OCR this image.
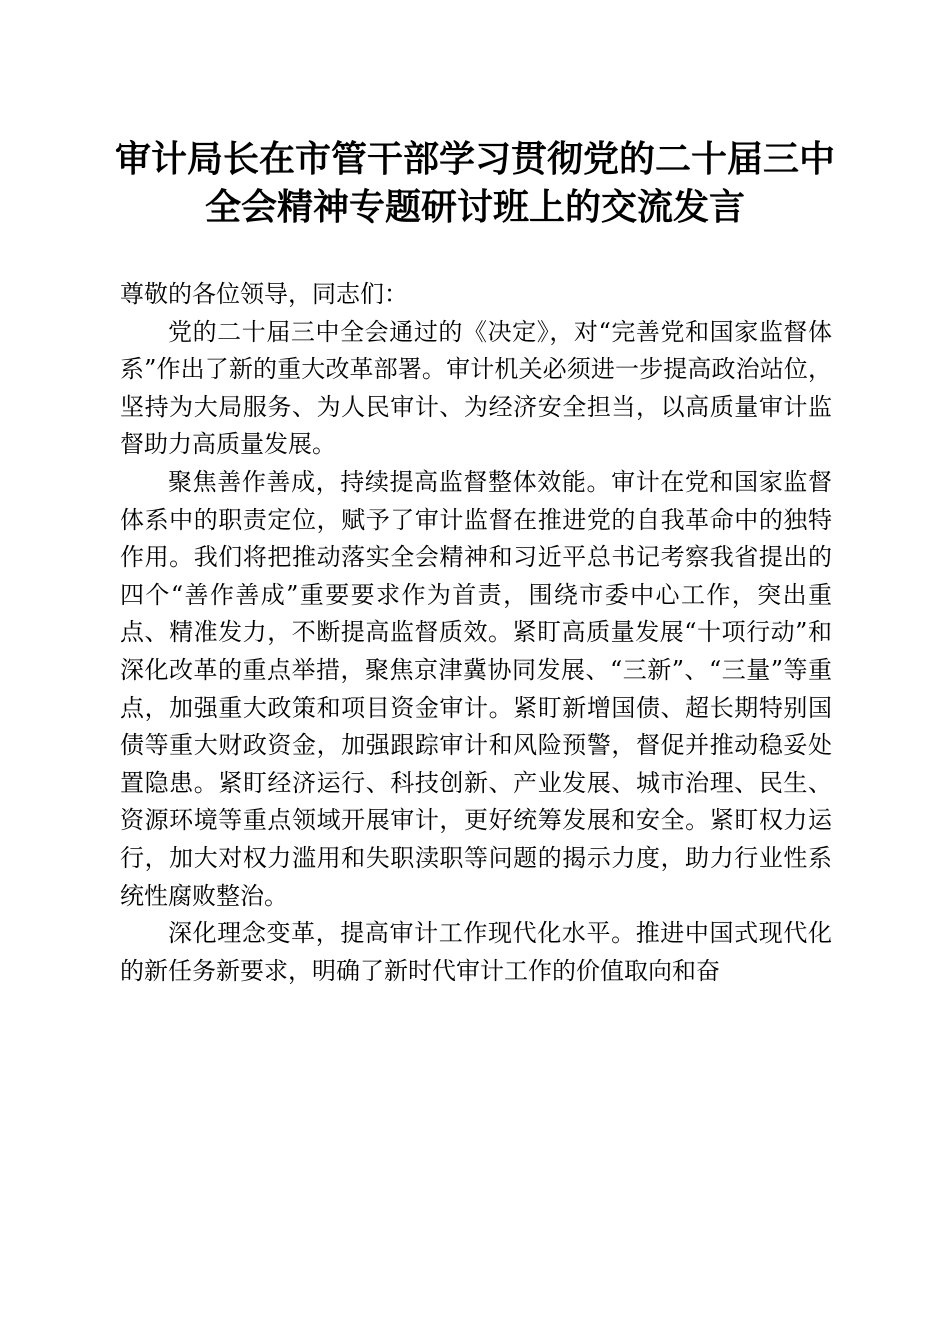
审计局长在市管干部学习贯彻党的二十届三中
全会精神专题研讨班上的交流发言

尊敬的各位领导，同志们：

党的二十届三中全会通过的《决定》，对“完善党和国家监督体系”作出了新的重大改革部署。审计机关必须进一步提高政治站位，坚持为大局服务、为人民审计、为经济安全担当，以高质量审计监督助力高质量发展。

聚焦善作善成，持续提高监督整体效能。审计在党和国家监督体系中的职责定位，赋予了审计监督在推进党的自我革命中的独特作用。我们将把推动落实全会精神和习近平总书记考察我省提出的四个“善作善成”重要要求作为首责，围绕市委中心工作，突出重点、精准发力，不断提高监督质效。紧盯高质量发展“十项行动”和深化改革的重点举措，聚焦京津冀协同发展、“三新”、“三量”等重点，加强重大政策和项目资金审计。紧盯新增国债、超长期特别国债等重大财政资金，加强跟踪审计和风险预警，督促并推动稳妥处置隐患。紧盯经济运行、科技创新、产业发展、城市治理、民生、资源环境等重点领域开展审计，更好统筹发展和安全。紧盯权力运行，加大对权力滥用和失职渎职等问题的揭示力度，助力行业性系统性腐败整治。

深化理念变革，提高审计工作现代化水平。推进中国式现代化的新任务新要求，明确了新时代审计工作的价值取向和奋
